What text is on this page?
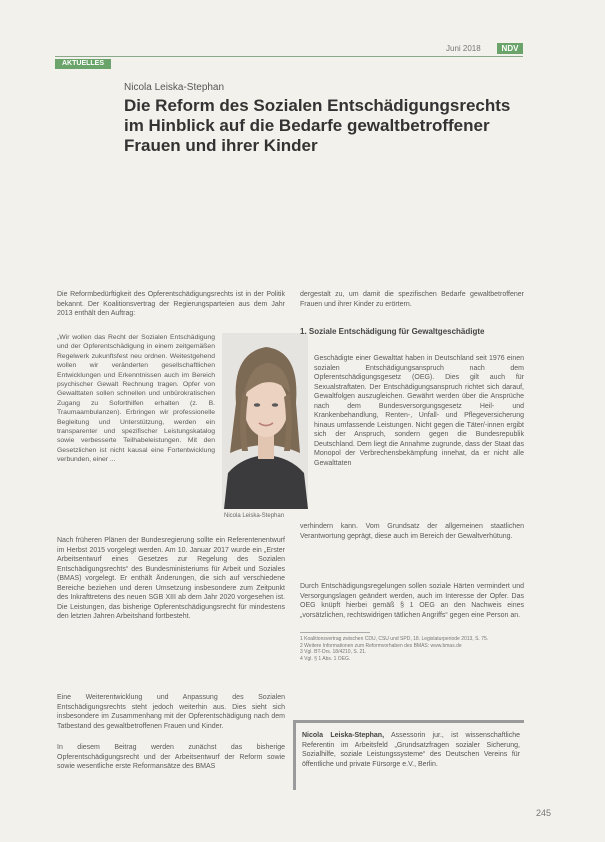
Juni 2018	NDV
AKTUELLES
Nicola Leiska-Stephan
Die Reform des Sozialen Entschädigungsrechts im Hinblick auf die Bedarfe gewaltbetroffener Frauen und ihrer Kinder

Die Reformbedürftigkeit des Opferentschädigungsrechts ist in der Politik bekannt. Der Koalitionsvertrag der Regierungsparteien aus dem Jahr 2013 enthält den Auftrag:

dergestalt zu, um damit die spezifischen Bedarfe gewaltbetroffener Frauen und ihrer Kinder zu erörtern.

„Wir wollen das Recht der Sozialen Entschädigung und der Opferentschädigung in einem zeitgemäßen Regelwerk zukunftsfest neu ordnen. Weitestgehend wollen wir veränderten gesellschaftlichen Entwicklungen und Erkenntnissen auch im Bereich psychischer Gewalt Rechnung tragen. Opfer von Gewalttaten sollen schnellen und unbürokratischen Zugang zu Soforthilfen erhalten (z. B. Traumaambulanzen). Erbringen wir professionelle Begleitung und Unterstützung, werden ein transparenter und spezifischer Leistungskatalog sowie verbesserte Teilhabeleistungen. Mit den Gesetzlichen ist nicht kausal eine Fortentwicklung verbunden, einer ...

Nicola Leiska-Stephan
1. Soziale Entschädigung für Gewaltgeschädigte

Geschädigte einer Gewalttat haben in Deutschland seit 1976 einen sozialen Entschädigungsanspruch nach dem Opferentschädigungsgesetz (OEG). Dies gilt auch für Sexualstraftaten. Der Entschädigungsanspruch richtet sich darauf, Gewaltfolgen auszugleichen. Gewährt werden über die Ansprüche nach dem Bundesversorgungsgesetz Heil- und Krankenbehandlung, Renten-, Unfall- und Pflegeversicherung hinaus umfassende Leistungen. Nicht gegen die Täter/-innen ergibt sich der Anspruch, sondern gegen die Bundesrepublik Deutschland. Dem liegt die Annahme zugrunde, dass der Staat das Monopol der Verbrechensbekämpfung innehat, da er nicht alle Gewalttaten

verhindern kann. Vom Grundsatz der allgemeinen staatlichen Verantwortung geprägt, diese auch im Bereich der Gewaltverhütung.

Durch Entschädigungsregelungen sollen soziale Härten vermindert und Versorgungslagen geändert werden, auch im Interesse der Opfer. Das OEG knüpft hierbei gemäß § 1 OEG an den Nachweis eines „vorsätzlichen, rechtswidrigen tätlichen Angriffs“ gegen eine Person an.

1 Koalitionsvertrag zwischen CDU, CSU und SPD, 18. Legislaturperiode 2013, S. 75.

2 Weitere Informationen zum Reformvorhaben des BMAS: www.bmas.de

3 Vgl. BT-Drs. 18/4210, S. 21.

4 Vgl. § 1 Abs. 1 OEG.

Nach früheren Plänen der Bundesregierung sollte ein Referentenentwurf im Herbst 2015 vorgelegt werden. Am 10. Januar 2017 wurde ein „Erster Arbeitsentwurf eines Gesetzes zur Regelung des Sozialen Entschädigungsrechts“ des Bundesministeriums für Arbeit und Soziales (BMAS) vorgelegt. Er enthält Änderungen, die sich auf verschiedene Bereiche beziehen und deren Umsetzung insbesondere zum Zeitpunkt des Inkrafttretens des neuen SGB XIII ab dem Jahr 2020 vorgesehen ist. Die Leistungen, das bisherige Opferentschädigungsrecht für mindestens den letzten Jahren Arbeitshand fortbesteht.

Eine Weiterentwicklung und Anpassung des Sozialen Entschädigungsrechts steht jedoch weiterhin aus. Dies sieht sich insbesondere im Zusammenhang mit der Opferentschädigung nach dem Tatbestand des gewaltbetroffenen Frauen und Kinder.

In diesem Beitrag werden zunächst das bisherige Opferentschädigungsrecht und der Arbeitsentwurf der Reform sowie sowie wesentliche erste Reformansätze des BMAS

Nicola Leiska-Stephan, Assessorin jur., ist wissenschaftliche Referentin im Arbeitsfeld „Grundsatzfragen sozialer Sicherung, Sozialhilfe, soziale Leistungssysteme“ des Deutschen Vereins für öffentliche und private Fürsorge e.V., Berlin.

245
